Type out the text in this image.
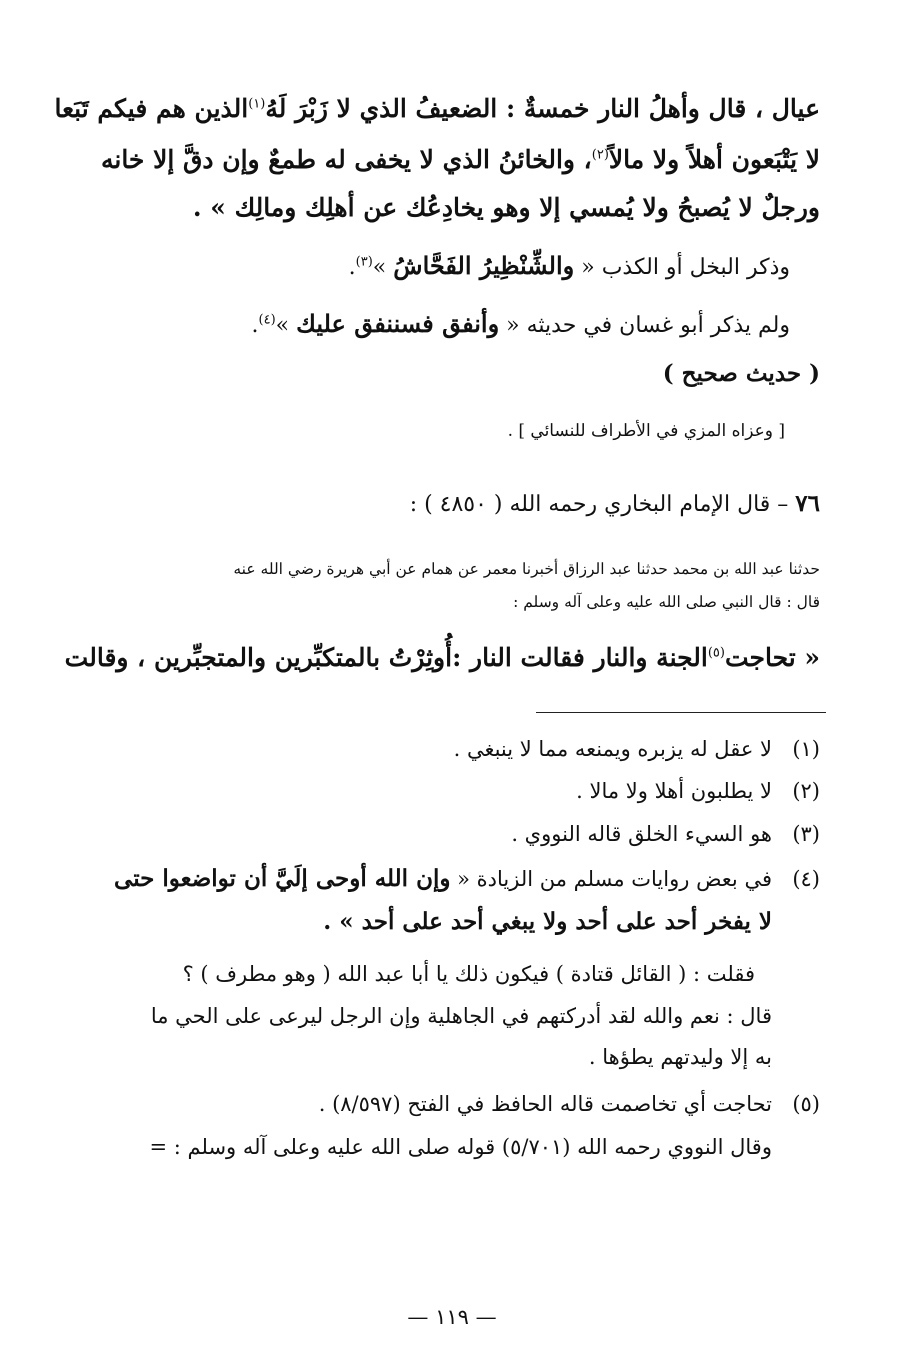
عيال ، قال وأهلُ النار خمسةٌ : الضعيفُ الذي لا زَبْرَ لَهُ$^{(١)}$الذين هم فيكم تَبَعا
لا يَتْبَعون أهلاً ولا مالاً$^{(٢)}$، والخائنُ الذي لا يخفى له طمعٌ وإن دقَّ إلا خانه
ورجلٌ لا يُصبحُ ولا يُمسي إلا وهو يخادِعُك عن أهلِك ومالِك » .
وذكر البخل أو الكذب « والشِّنْظِيرُ الفَحَّاشُ »$^{(٣)}$.
ولم يذكر أبو غسان في حديثه « وأنفق فسننفق عليك »$^{(٤)}$.
( حديث صحيح )
[ وعزاه المزي في الأطراف للنسائي ] .
٧٦ – قال الإمام البخاري رحمه الله ( ٤٨٥٠ ) :
حدثنا عبد الله بن محمد حدثنا عبد الرزاق أخبرنا معمر عن همام عن أبي هريرة رضي الله عنه
قال : قال النبي صلى الله عليه وعلى آله وسلم :
« تحاجت$^{(٥)}$الجنة والنار فقالت النار :أُوثِرْتُ بالمتكبِّرين والمتجبِّرين ، وقالت
(١)لا عقل له يزبره ويمنعه مما لا ينبغي .
(٢)لا يطلبون أهلا ولا مالا .
(٣)هو السيء الخلق قاله النووي .
(٤)في بعض روايات مسلم من الزيادة « وإن الله أوحى إلَيَّ أن تواضعوا حتى
لا يفخر أحد على أحد ولا يبغي أحد على أحد » .
فقلت : ( القائل قتادة ) فيكون ذلك يا أبا عبد الله ( وهو مطرف ) ؟
قال : نعم والله لقد أدركتهم في الجاهلية وإن الرجل ليرعى على الحي ما
به إلا وليدتهم يطؤها .
(٥)تحاجت أي تخاصمت قاله الحافظ في الفتح (٨/٥٩٧) .
وقال النووي رحمه الله (٥/٧٠١) قوله صلى الله عليه وعلى آله وسلم : =
— ١١٩ —
